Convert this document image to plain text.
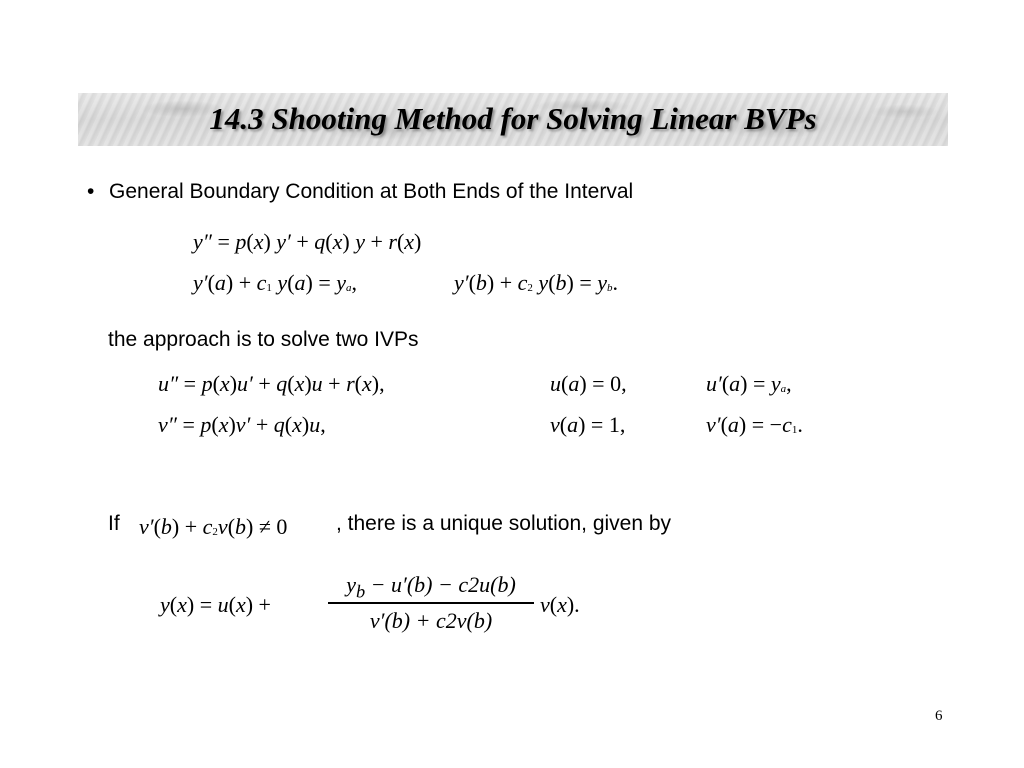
14.3 Shooting Method for Solving Linear BVPs
• General Boundary Condition at Both Ends of the Interval
y″ = p(x) y′ + q(x) y + r(x)
y′(a) + c1 $y(a) = y_a$,	y′(b) + c2 $y(b) = y_b$.
the approach is to solve two IVPs
u″ = p(x)u′ + q(x)u + r(x),	u(a) = 0,	$u'(a) = y_a$,
v″ = p(x)v′ + q(x)u,	v(a) = 1,	v′(a) = −c1.
If v′(b) + c2v(b) ≠ 0 , there is a unique solution, given by
y(x) = u(x) +
$y_b - u'(b) - c2u(b)$
v′(b) + c2v(b)
v(x).
6
